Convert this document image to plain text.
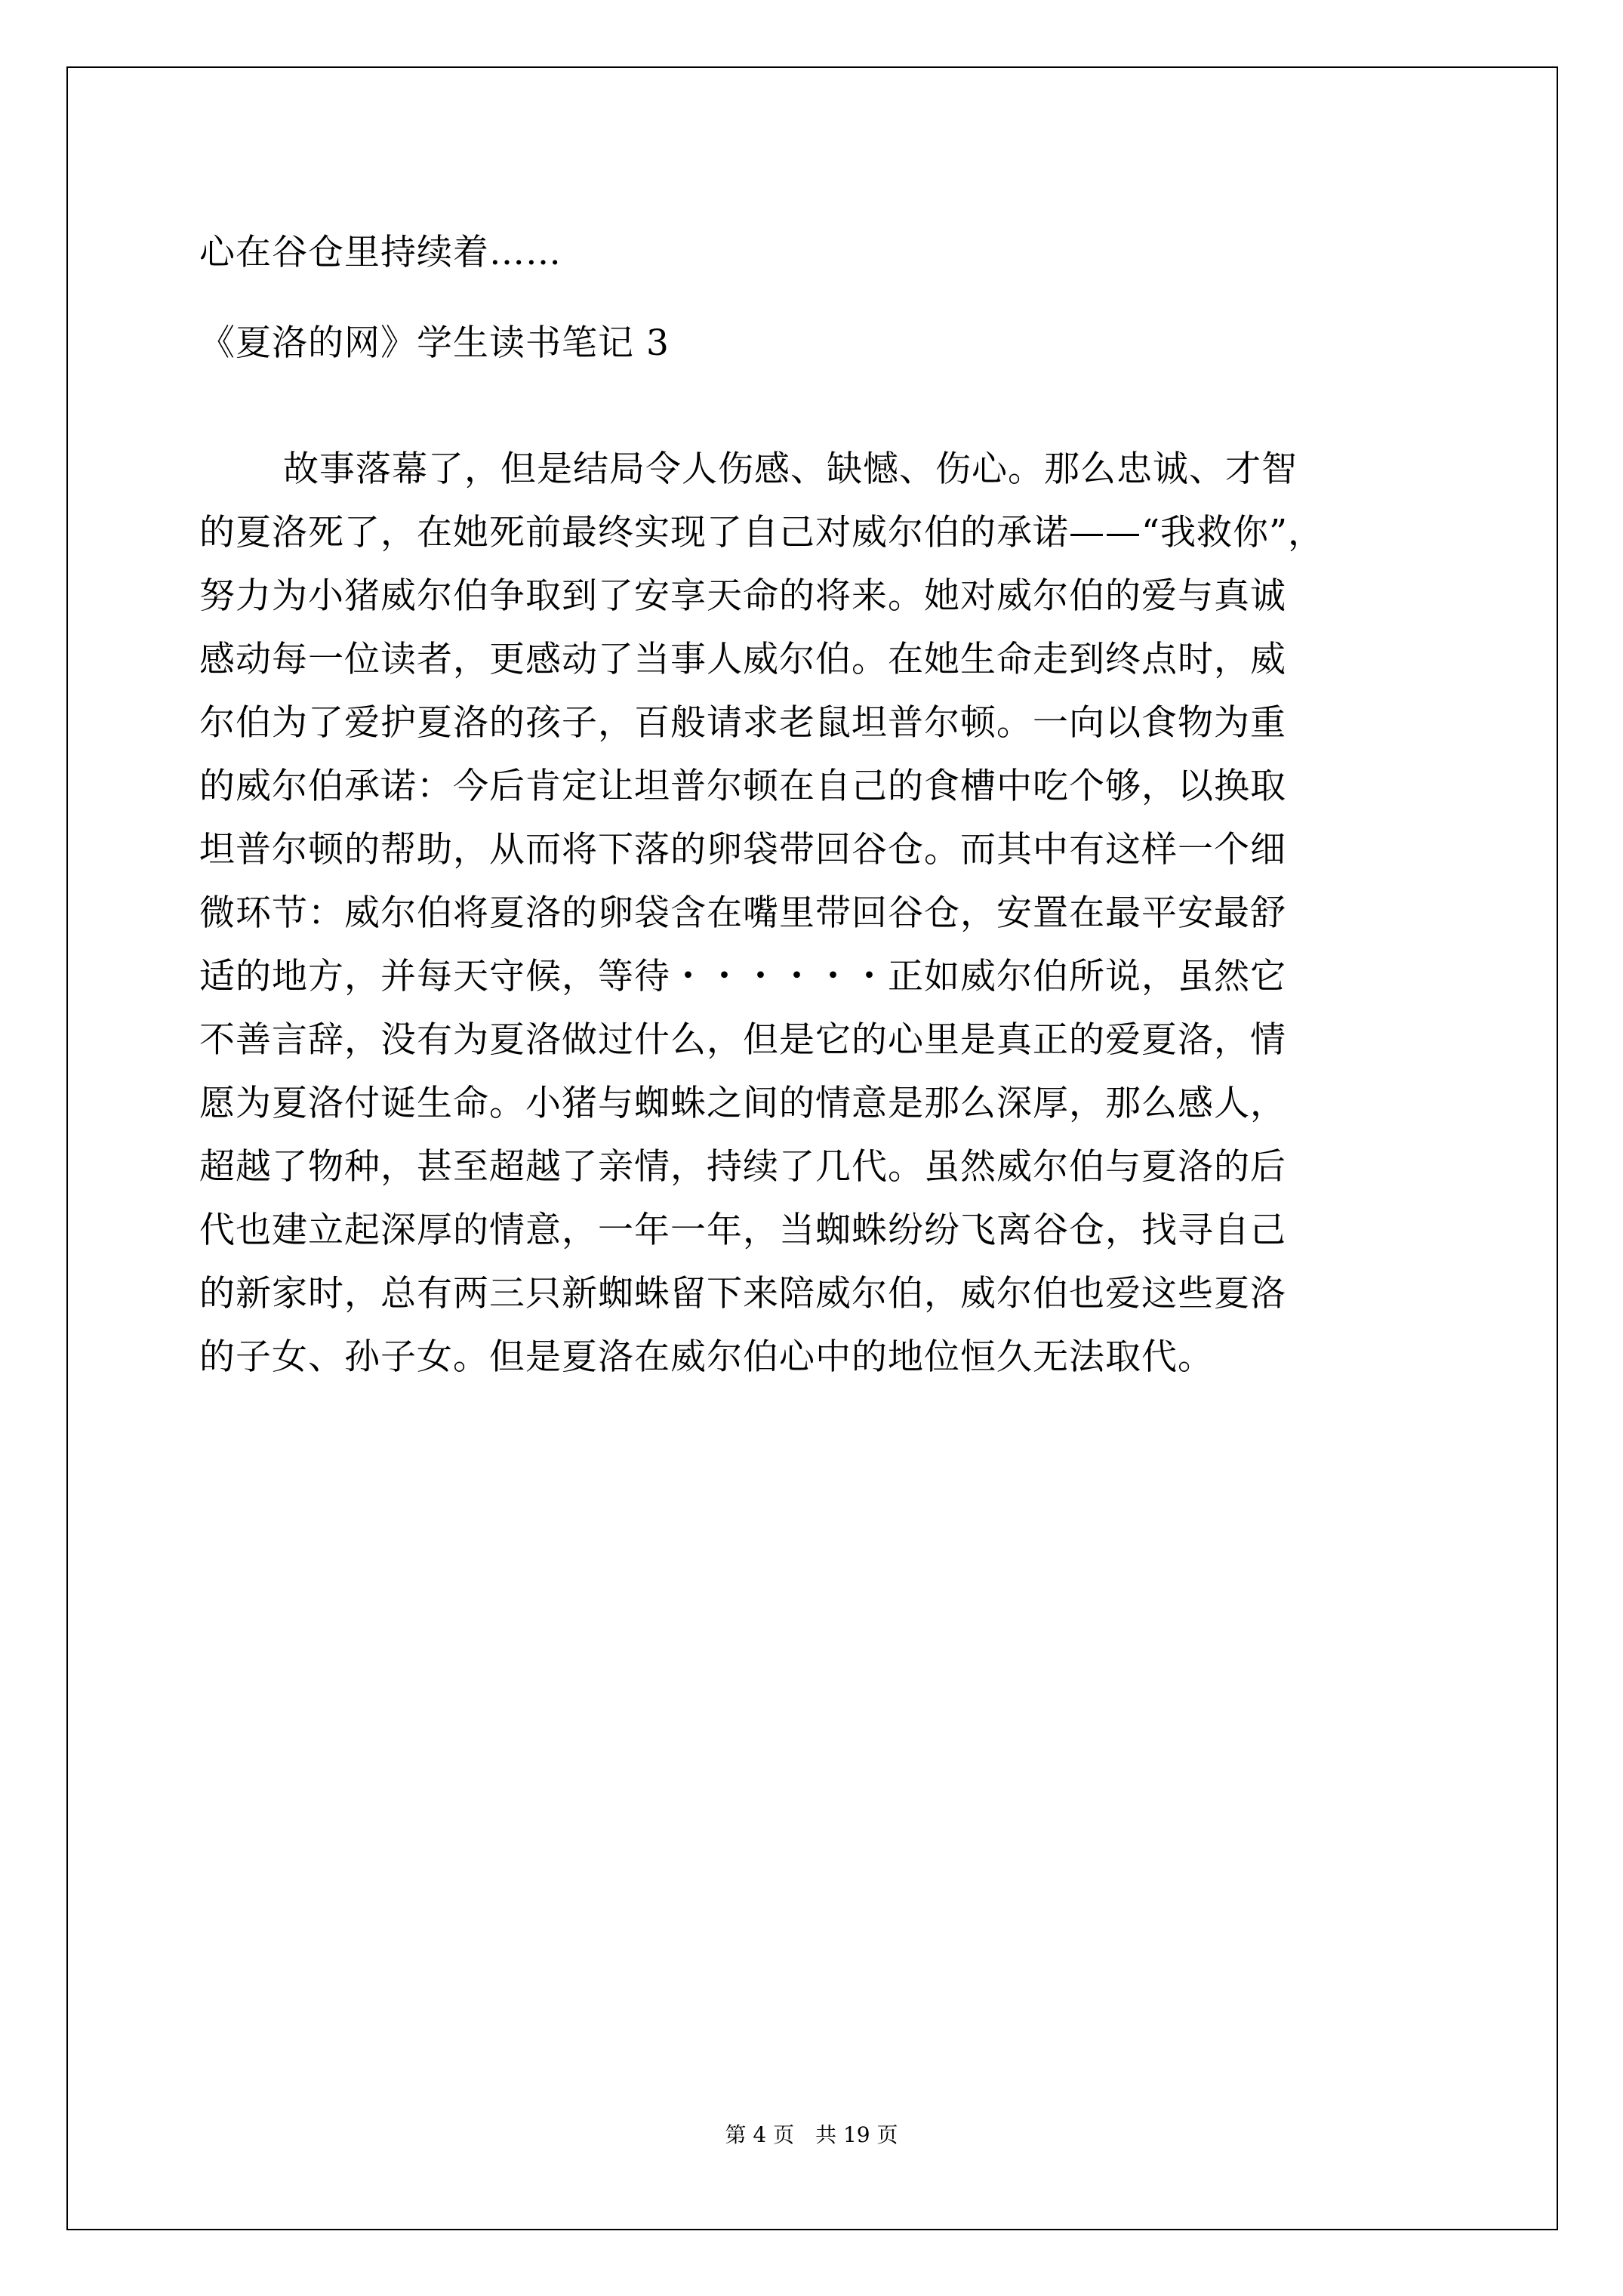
心在谷仓里持续着……

《夏洛的网》学生读书笔记 3

故事落幕了，但是结局令人伤感、缺憾、伤心。那么忠诚、才智

的夏洛死了，在她死前最终实现了自己对威尔伯的承诺——“我救你”，

努力为小猪威尔伯争取到了安享天命的将来。她对威尔伯的爱与真诚

感动每一位读者，更感动了当事人威尔伯。在她生命走到终点时，威

尔伯为了爱护夏洛的孩子，百般请求老鼠坦普尔顿。一向以食物为重

的威尔伯承诺：今后肯定让坦普尔顿在自己的食槽中吃个够，以换取

坦普尔顿的帮助，从而将下落的卵袋带回谷仓。而其中有这样一个细

微环节：威尔伯将夏洛的卵袋含在嘴里带回谷仓，安置在最平安最舒

适的地方，并每天守候，等待・・・・・・正如威尔伯所说，虽然它

不善言辞，没有为夏洛做过什么，但是它的心里是真正的爱夏洛，情

愿为夏洛付诞生命。小猪与蜘蛛之间的情意是那么深厚，那么感人，

超越了物种，甚至超越了亲情，持续了几代。虽然威尔伯与夏洛的后

代也建立起深厚的情意，一年一年，当蜘蛛纷纷飞离谷仓，找寻自己

的新家时，总有两三只新蜘蛛留下来陪威尔伯，威尔伯也爱这些夏洛

的子女、孙子女。但是夏洛在威尔伯心中的地位恒久无法取代。

第 4 页　共 19 页
